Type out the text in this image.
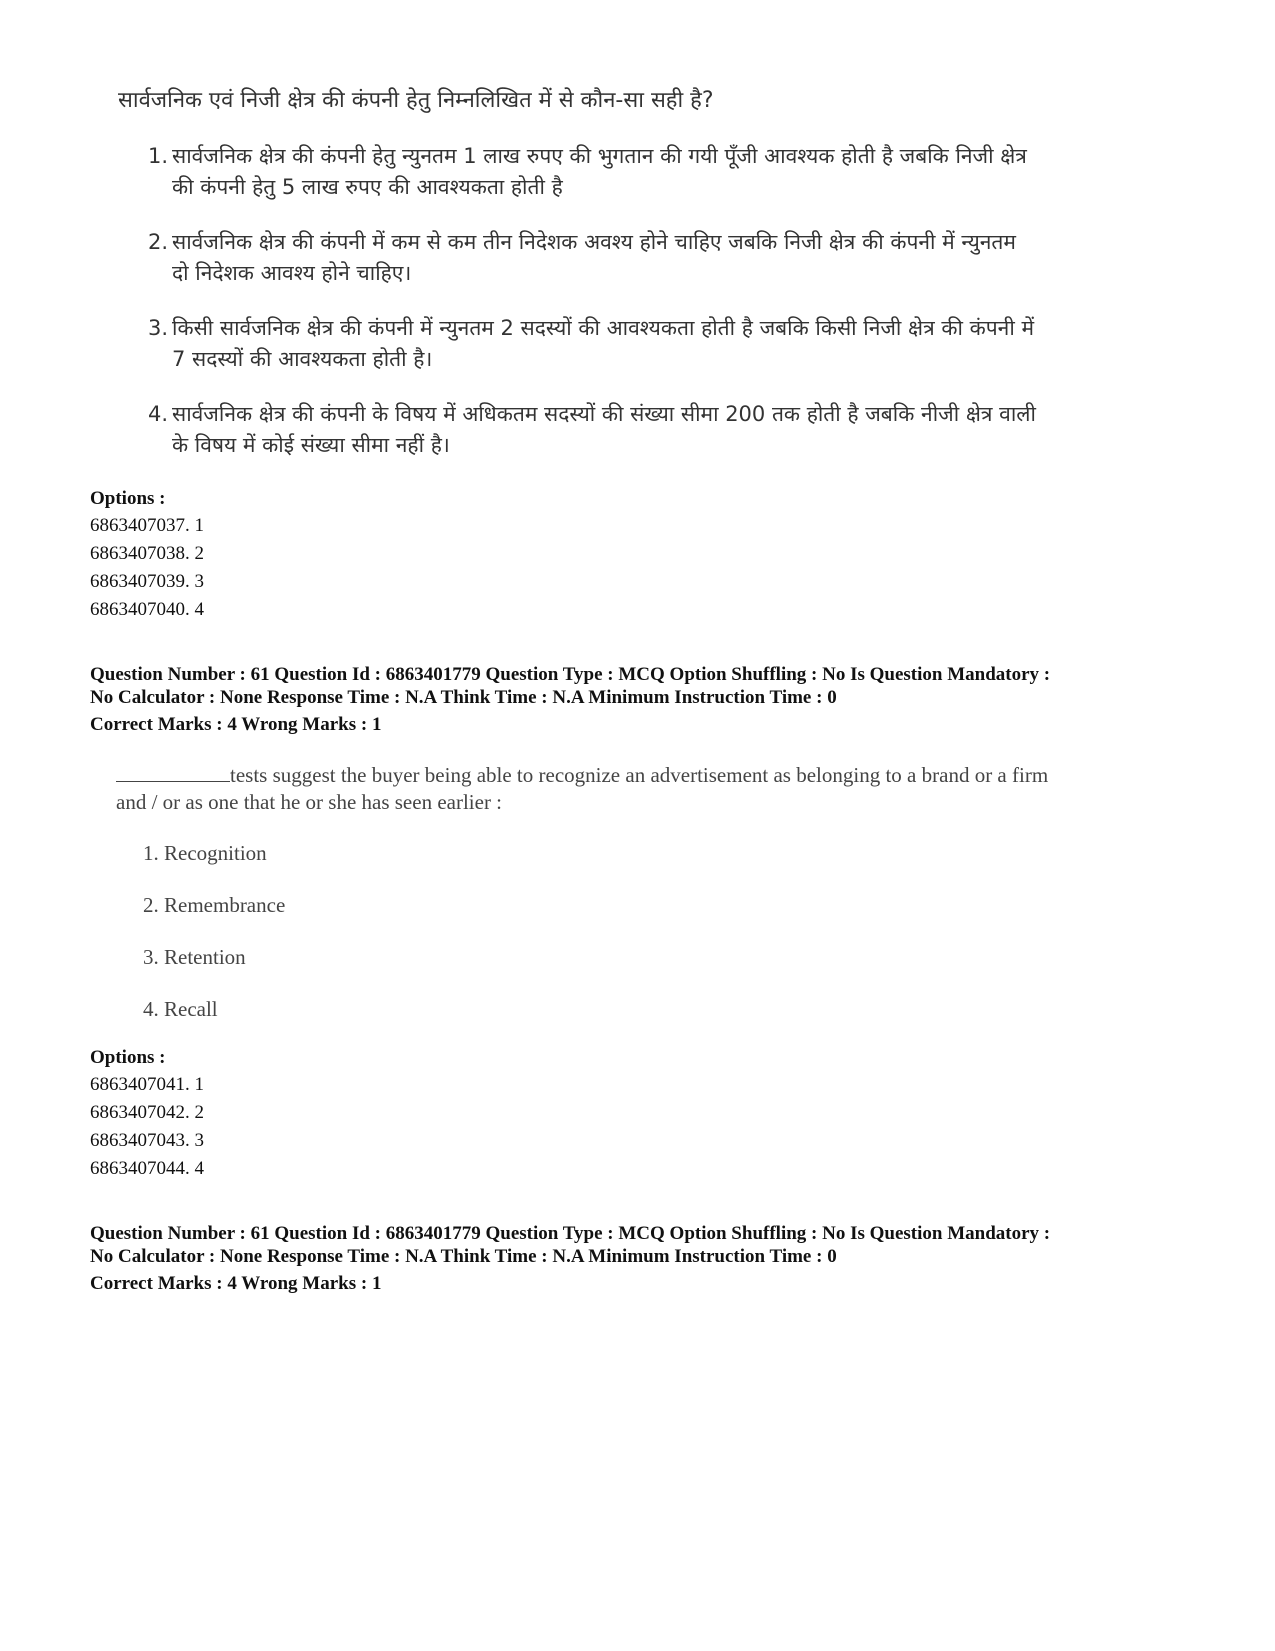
सार्वजनिक एवं निजी क्षेत्र की कंपनी हेतु निम्नलिखित में से कौन-सा सही है?
1. सार्वजनिक क्षेत्र की कंपनी हेतु न्युनतम 1 लाख रुपए की भुगतान की गयी पूँजी आवश्यक होती है जबकि निजी क्षेत्र
की कंपनी हेतु 5 लाख रुपए की आवश्यकता होती है
2. सार्वजनिक क्षेत्र की कंपनी में कम से कम तीन निदेशक अवश्य होने चाहिए जबकि निजी क्षेत्र की कंपनी में न्युनतम
दो निदेशक आवश्य होने चाहिए।
3. किसी सार्वजनिक क्षेत्र की कंपनी में न्युनतम 2 सदस्यों की आवश्यकता होती है जबकि किसी निजी क्षेत्र की कंपनी में
7 सदस्यों की आवश्यकता होती है।
4. सार्वजनिक क्षेत्र की कंपनी के विषय में अधिकतम सदस्यों की संख्या सीमा 200 तक होती है जबकि नीजी क्षेत्र वाली
के विषय में कोई संख्या सीमा नहीं है।
Options :
6863407037. 1
6863407038. 2
6863407039. 3
6863407040. 4
Question Number : 61 Question Id : 6863401779 Question Type : MCQ Option Shuffling : No Is Question Mandatory :
No Calculator : None Response Time : N.A Think Time : N.A Minimum Instruction Time : 0
Correct Marks : 4 Wrong Marks : 1
tests suggest the buyer being able to recognize an advertisement as belonging to a brand or a firm
and / or as one that he or she has seen earlier :
1. Recognition
2. Remembrance
3. Retention
4. Recall
Options :
6863407041. 1
6863407042. 2
6863407043. 3
6863407044. 4
Question Number : 61 Question Id : 6863401779 Question Type : MCQ Option Shuffling : No Is Question Mandatory :
No Calculator : None Response Time : N.A Think Time : N.A Minimum Instruction Time : 0
Correct Marks : 4 Wrong Marks : 1
